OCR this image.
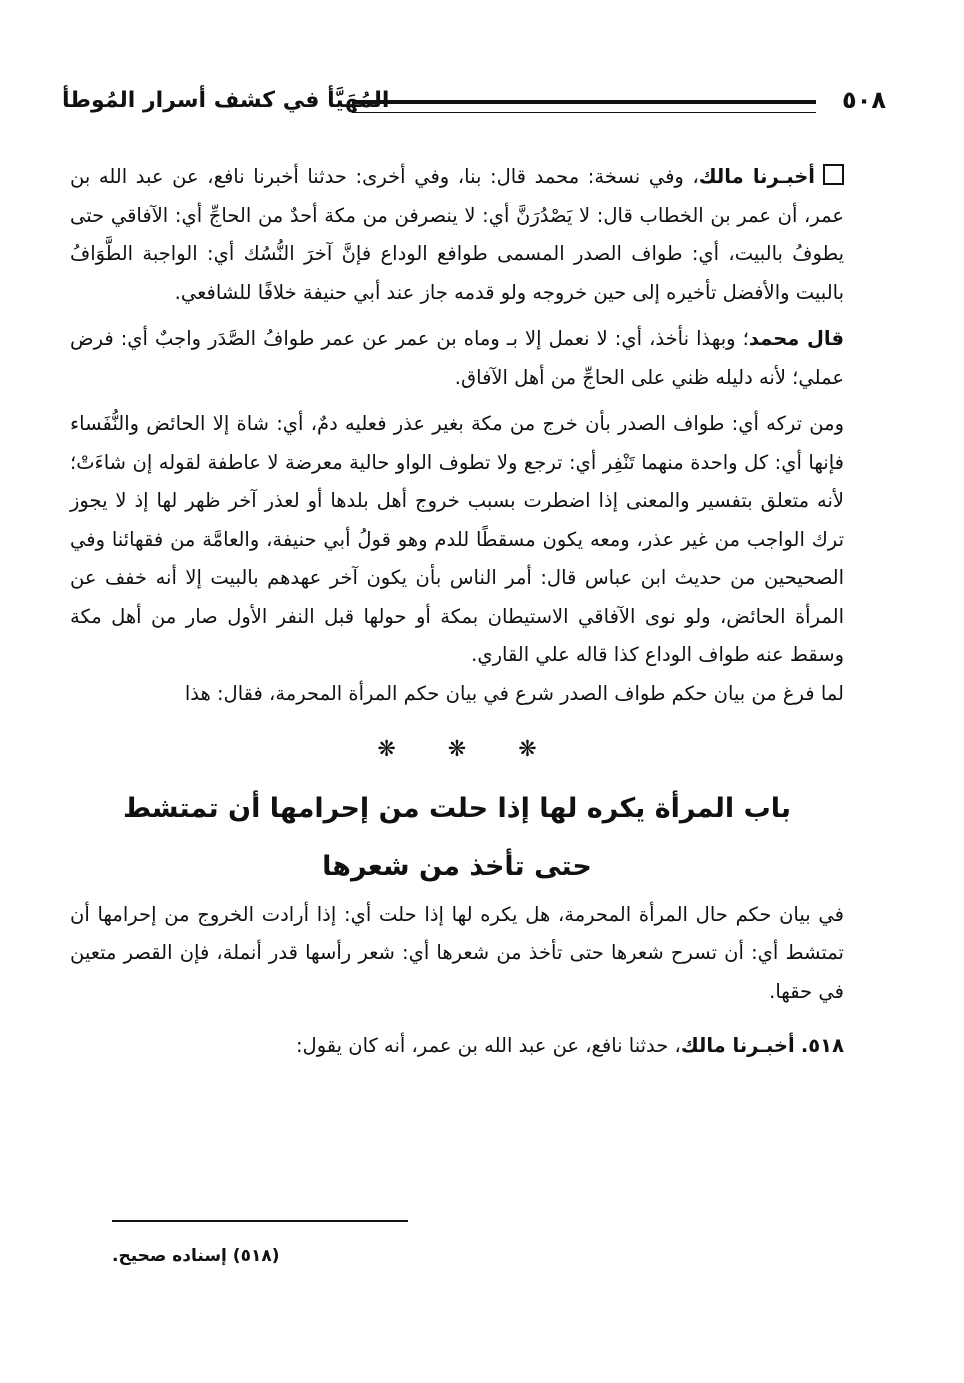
٥٠٨
المُهَيَّأ في كشف أسرار المُوطأ

أخبـرنا مالك، وفي نسخة: محمد قال: بنا، وفي أخرى: حدثنا أخبرنا نافع، عن عبد الله بن عمر، أن عمر بن الخطاب قال: لا يَصْدُرَنَّ أي: لا ينصرفن من مكة أحدٌ من الحاجِّ أي: الآفاقي حتى يطوفُ بالبيت، أي: طواف الصدر المسمى طوافع الوداع فإنَّ آخرَ النُّسُك أي: الواجبة الطَّوَافُ بالبيت والأفضل تأخيره إلى حين خروجه ولو قدمه جاز عند أبي حنيفة خلافًا للشافعي.

قال محمد؛ وبهذا نأخذ، أي: لا نعمل إلا بـ وماه بن عمر عن عمر طوافُ الصَّدَر واجبٌ أي: فرض عملي؛ لأنه دليله ظني على الحاجِّ من أهل الآفاق.

ومن تركه أي: طواف الصدر بأن خرج من مكة بغير عذر فعليه دمٌ، أي: شاة إلا الحائض والنُّفَساء فإنها أي: كل واحدة منهما تَنْفِر أي: ترجع ولا تطوف الواو حالية معرضة لا عاطفة لقوله إن شاءَتْ؛ لأنه متعلق بتفسير والمعنى إذا اضطرت بسبب خروج أهل بلدها أو لعذر آخر ظهر لها إذ لا يجوز ترك الواجب من غير عذر، ومعه يكون مسقطًا للدم وهو قولُ أبي حنيفة، والعامَّة من فقهائنا وفي الصحيحين من حديث ابن عباس قال: أمر الناس بأن يكون آخر عهدهم بالبيت إلا أنه خفف عن المرأة الحائض، ولو نوى الآفاقي الاستيطان بمكة أو حولها قبل النفر الأول صار من أهل مكة وسقط عنه طواف الوداع كذا قاله علي القاري.

لما فرغ من بيان حكم طواف الصدر شرع في بيان حكم المرأة المحرمة، فقال: هذا

❋
❋
❋
باب المرأة يكره لها إذا حلت من إحرامها أن تمتشط
حتى تأخذ من شعرها

في بيان حكم حال المرأة المحرمة، هل يكره لها إذا حلت أي: إذا أرادت الخروج من إحرامها أن تمتشط أي: أن تسرح شعرها حتى تأخذ من شعرها أي: شعر رأسها قدر أنملة، فإن القصر متعين في حقها.

٥١٨. أخبـرنا مالك، حدثنا نافع، عن عبد الله بن عمر، أنه كان يقول:

(٥١٨) إسناده صحيح.
